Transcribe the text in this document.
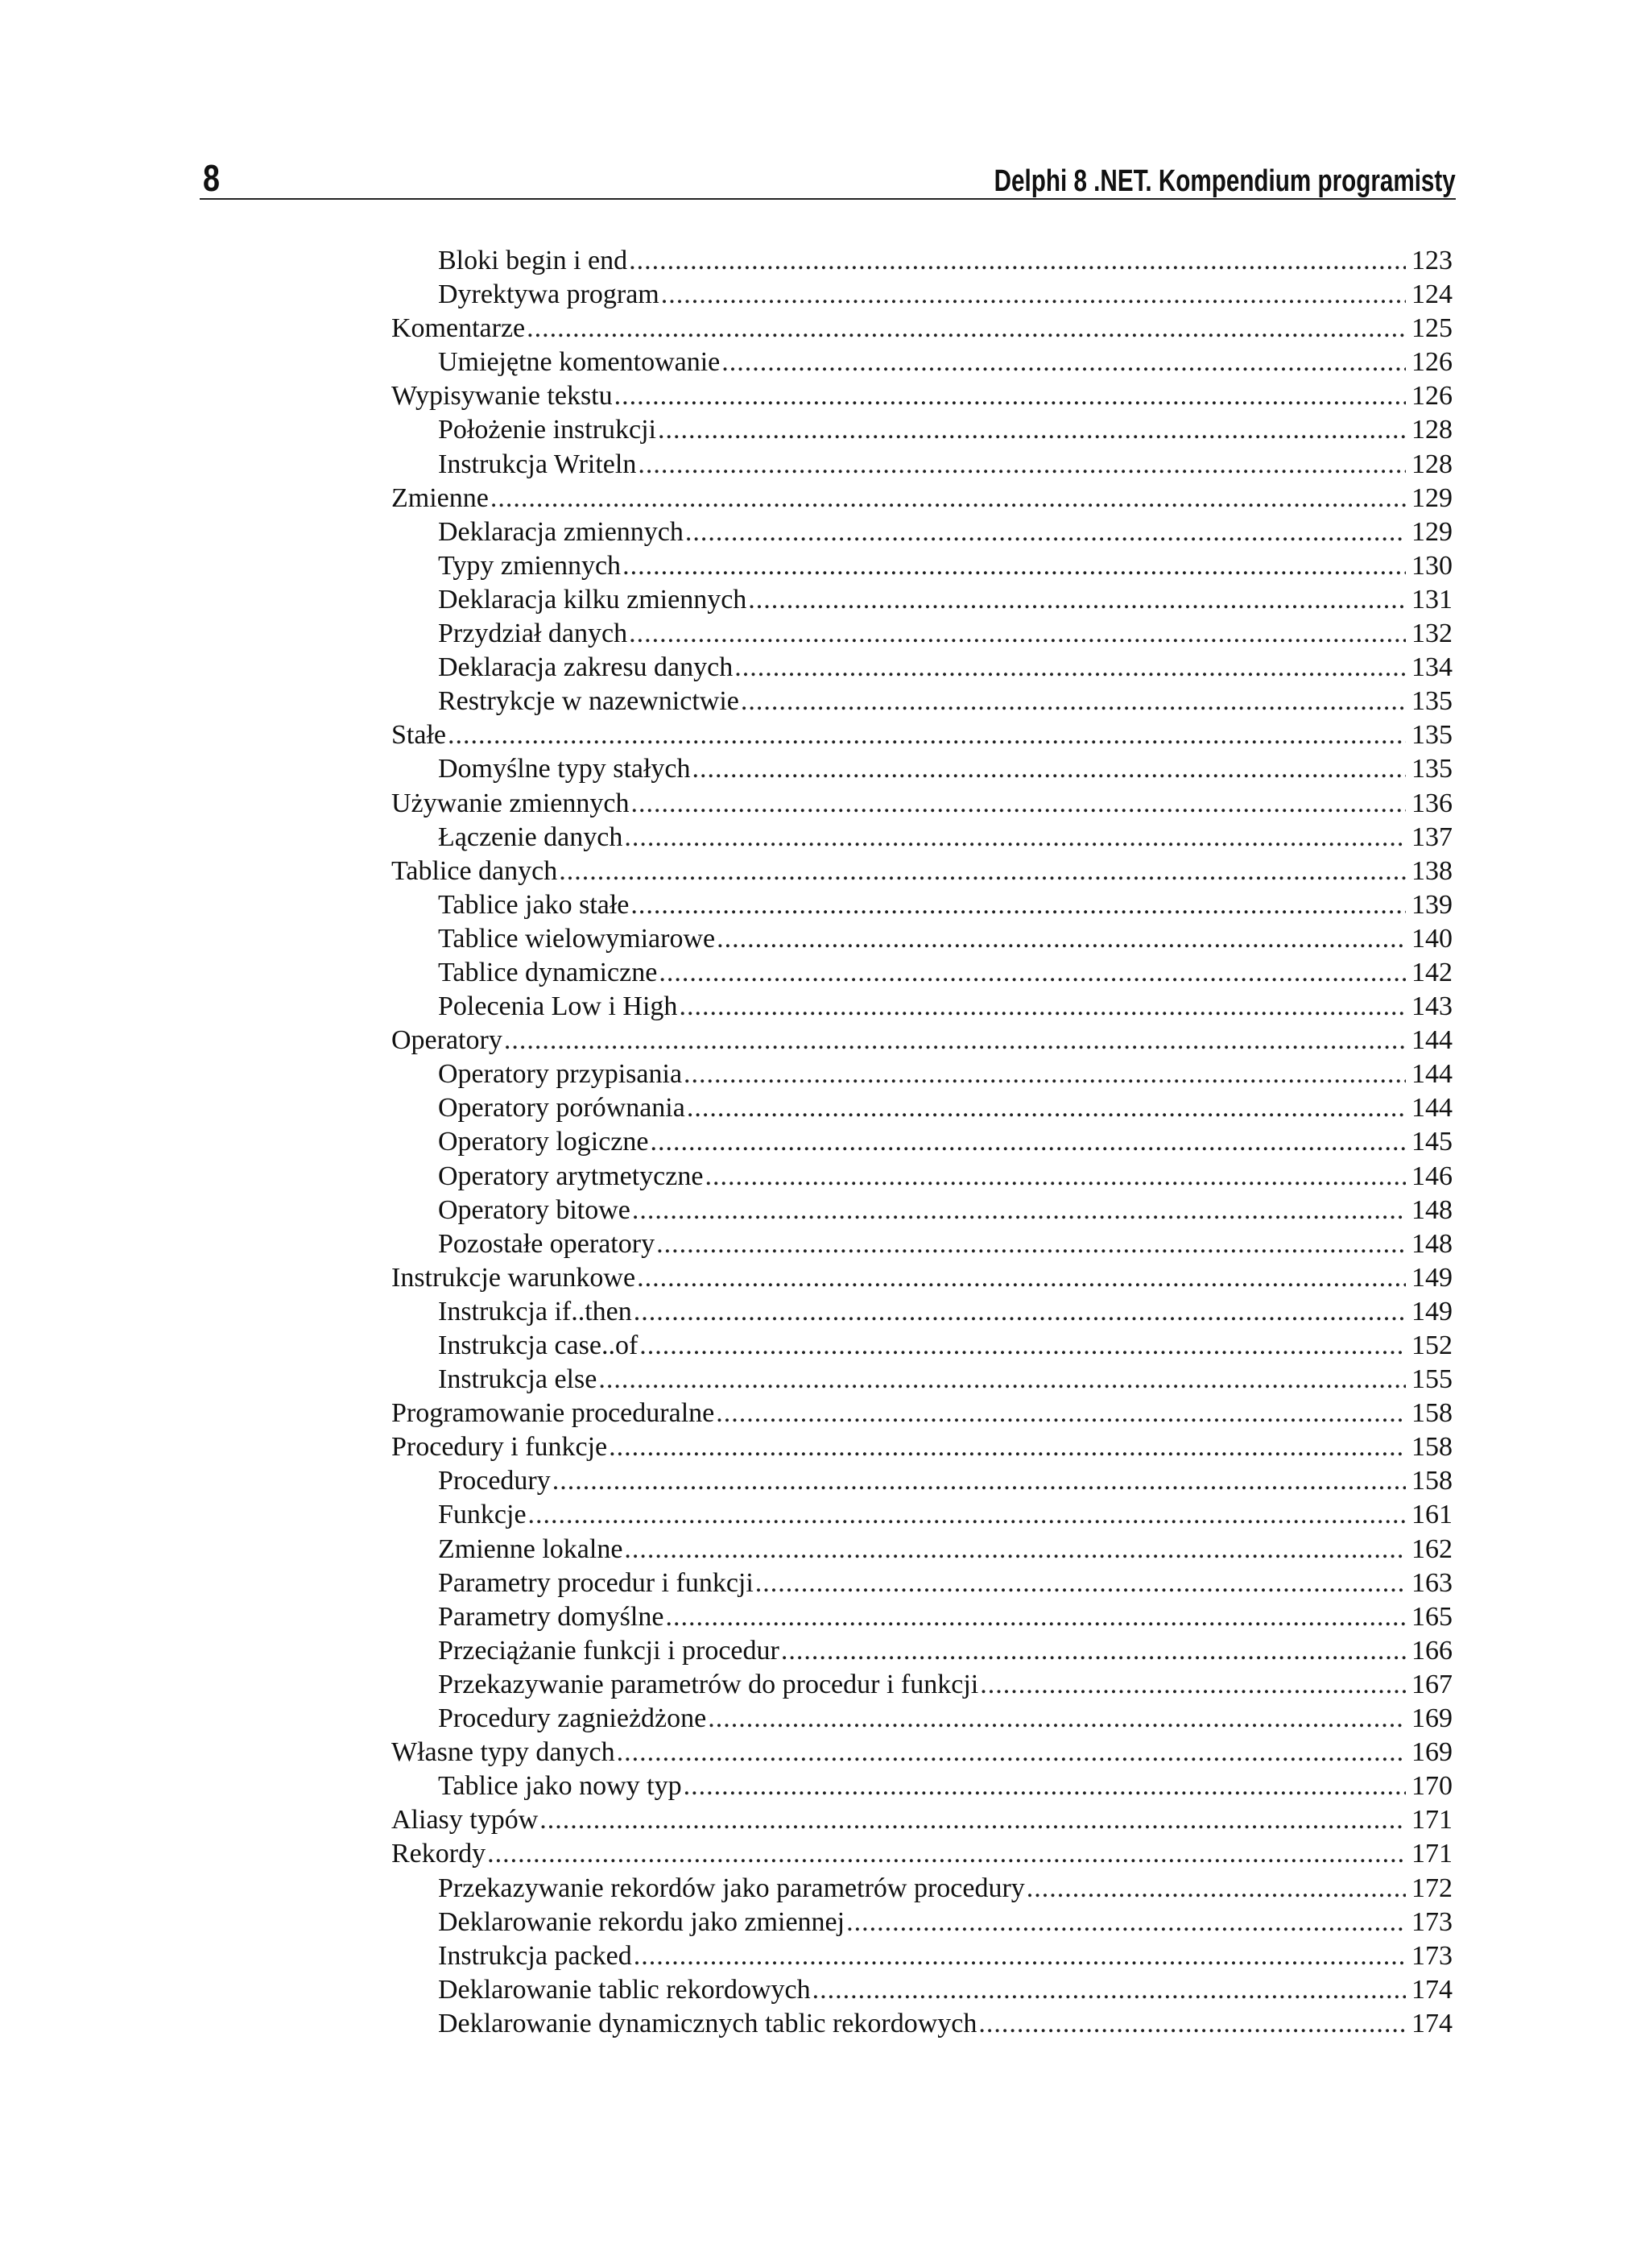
8	Delphi 8 .NET. Kompendium programisty
Bloki begin i end .....	123
Dyrektywa program .....	124
Komentarze .....	125
Umiejętne komentowanie .....	126
Wypisywanie tekstu .....	126
Położenie instrukcji .....	128
Instrukcja Writeln .....	128
Zmienne .....	129
Deklaracja zmiennych .....	129
Typy zmiennych .....	130
Deklaracja kilku zmiennych .....	131
Przydział danych .....	132
Deklaracja zakresu danych .....	134
Restrykcje w nazewnictwie .....	135
Stałe .....	135
Domyślne typy stałych .....	135
Używanie zmiennych .....	136
Łączenie danych .....	137
Tablice danych .....	138
Tablice jako stałe .....	139
Tablice wielowymiarowe .....	140
Tablice dynamiczne .....	142
Polecenia Low i High .....	143
Operatory .....	144
Operatory przypisania .....	144
Operatory porównania .....	144
Operatory logiczne .....	145
Operatory arytmetyczne .....	146
Operatory bitowe .....	148
Pozostałe operatory .....	148
Instrukcje warunkowe .....	149
Instrukcja if..then .....	149
Instrukcja case..of .....	152
Instrukcja else .....	155
Programowanie proceduralne .....	158
Procedury i funkcje .....	158
Procedury .....	158
Funkcje .....	161
Zmienne lokalne .....	162
Parametry procedur i funkcji .....	163
Parametry domyślne .....	165
Przeciążanie funkcji i procedur .....	166
Przekazywanie parametrów do procedur i funkcji .....	167
Procedury zagnieżdżone .....	169
Własne typy danych .....	169
Tablice jako nowy typ .....	170
Aliasy typów .....	171
Rekordy .....	171
Przekazywanie rekordów jako parametrów procedury .....	172
Deklarowanie rekordu jako zmiennej .....	173
Instrukcja packed .....	173
Deklarowanie tablic rekordowych .....	174
Deklarowanie dynamicznych tablic rekordowych .....	174
